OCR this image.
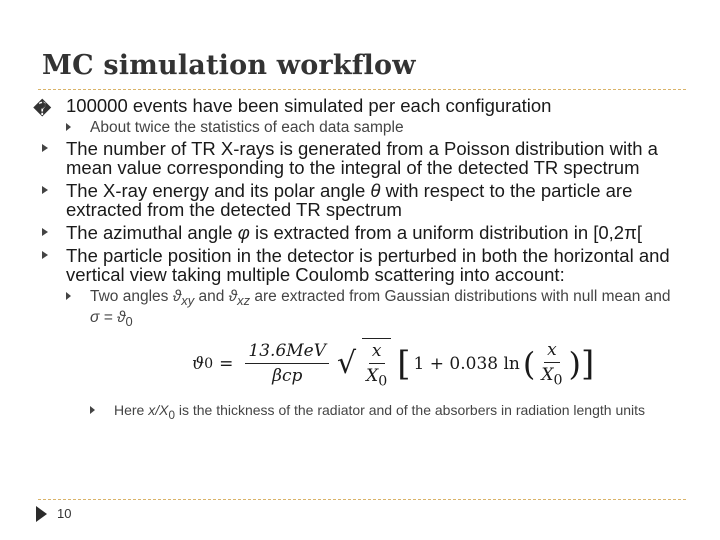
MC simulation workflow
� 100000 events have been simulated per each configuration
About twice the statistics of each data sample
The number of TR X-rays is generated from a Poisson distribution with a mean value corresponding to the integral of the detected TR spectrum
The X-ray energy and its polar angle θ with respect to the particle are extracted from the detected TR spectrum
The azimuthal angle φ is extracted from a uniform distribution in [0,2π[
The particle position in the detector is perturbed in both the horizontal and vertical view taking multiple Coulomb scattering into account:
Two angles $ϑ_{xy}$ and $ϑ_{xz}$ are extracted from Gaussian distributions with null mean and $\sigma = ϑ_0$
ϑ $0 = \frac{\text{13.6MeV}}{\text{βcp}}$ √ $\frac{x}{X_0}$ [ 1 + 0.038 ln ( $\frac{x}{X_0}$ ) ]
Here $x/X_0$ is the thickness of the radiator and of the absorbers in radiation length units
10
